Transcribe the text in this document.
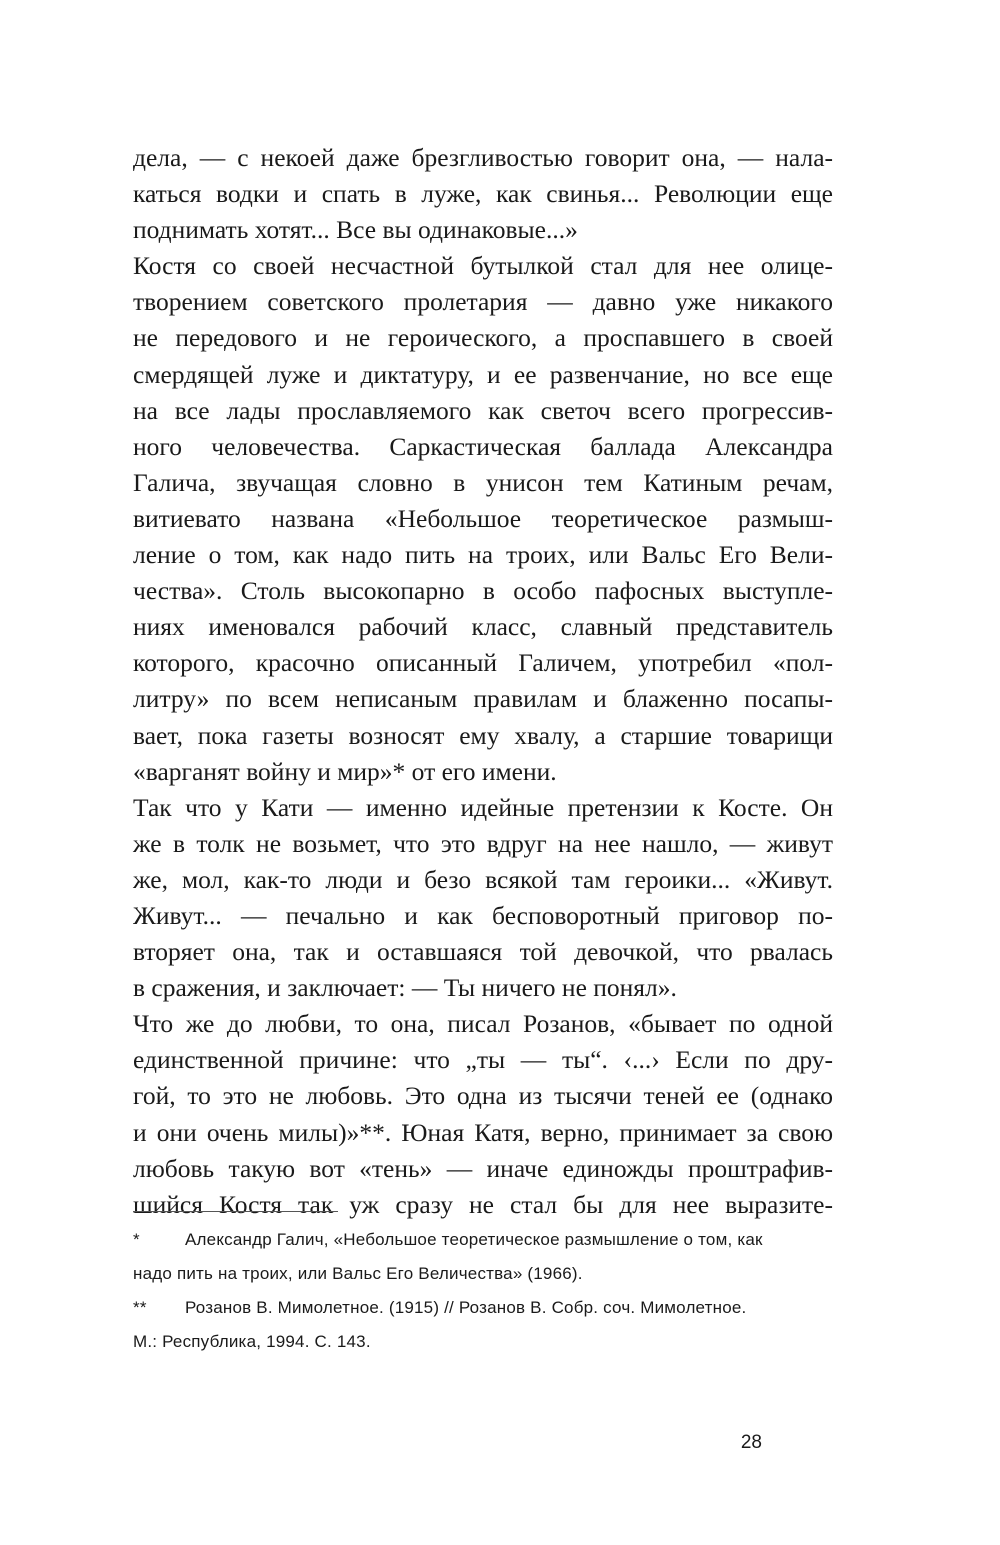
дела, — с некоей даже брезгливостью говорит она, — нала-
каться водки и спать в луже, как свинья... Революции еще
поднимать хотят... Все вы одинаковые...»
Костя со своей несчастной бутылкой стал для нее олице-
творением советского пролетария — давно уже никакого
не передового и не героического, а проспавшего в своей
смердящей луже и диктатуру, и ее развенчание, но все еще
на все лады прославляемого как светоч всего прогрессив-
ного человечества. Саркастическая баллада Александра
Галича, звучащая словно в унисон тем Катиным речам,
витиевато названа «Небольшое теоретическое размыш-
ление о том, как надо пить на троих, или Вальс Его Вели-
чества». Столь высокопарно в особо пафосных выступле-
ниях именовался рабочий класс, славный представитель
которого, красочно описанный Галичем, употребил «пол-
литру» по всем неписаным правилам и блаженно посапы-
вает, пока газеты возносят ему хвалу, а старшие товарищи
«варганят войну и мир»* от его имени.
Так что у Кати — именно идейные претензии к Косте. Он
же в толк не возьмет, что это вдруг на нее нашло, — живут
же, мол, как-то люди и безо всякой там героики... «Живут.
Живут... — печально и как бесповоротный приговор по-
вторяет она, так и оставшаяся той девочкой, что рвалась
в сражения, и заключает: — Ты ничего не понял».
Что же до любви, то она, писал Розанов, «бывает по одной
единственной причине: что „ты — ты“. ‹...› Если по дру-
гой, то это не любовь. Это одна из тысячи теней ее (однако
и они очень милы)»**. Юная Катя, верно, принимает за свою
любовь такую вот «тень» — иначе единожды проштрафив-
шийся Костя так уж сразу не стал бы для нее выразите-
*	Александр Галич, «Небольшое теоретическое размышление о том, как
надо пить на троих, или Вальс Его Величества» (1966).
** Розанов В. Мимолетное. (1915) // Розанов В. Собр. соч. Мимолетное.
М.: Республика, 1994. С. 143.
28
